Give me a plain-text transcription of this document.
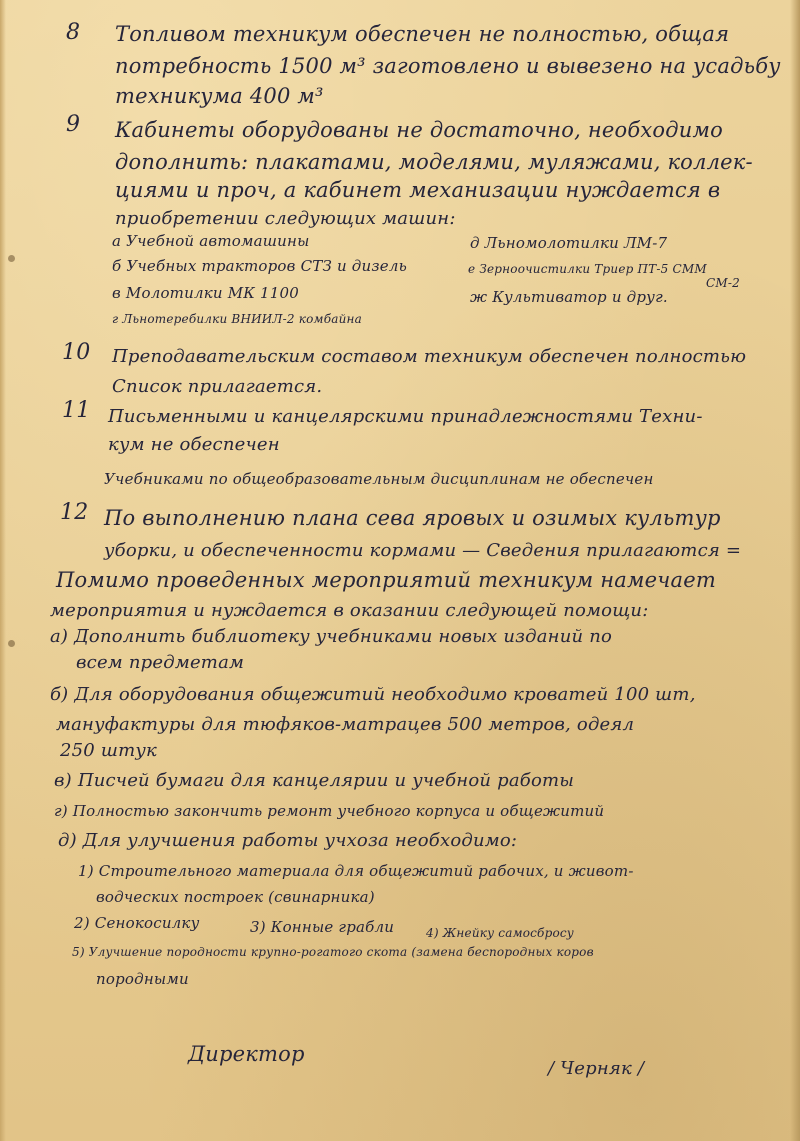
8 Топливом техникум обеспечен не полностью, общая
потребность 1500 м³ заготовлено и вывезено на усадьбу
техникума 400 м³
9 Кабинеты оборудованы не достаточно, необходимо
дополнить: плакатами, моделями, муляжами, коллек-
циями и проч, а кабинет механизации нуждается в
приобретении следующих машин:
а Учебной автомашины
б Учебных тракторов СТЗ и дизель
в Молотилки МК 1100
г Льнотеребилки ВНИИЛ-2 комбайна
д Льномолотилки ЛМ-7
е Зерноочистилки Триер ПТ-5 СММ
СМ-2
ж Культиватор и друг.
10 Преподавательским составом техникум обеспечен полностью
Список прилагается.
11 Письменными и канцелярскими принадлежностями Техни-
кум не обеспечен
Учебниками по общеобразовательным дисциплинам не обеспечен
12 По выполнению плана сева яровых и озимых культур
уборки, и обеспеченности кормами — Сведения прилагаются =
Помимо проведенных мероприятий техникум намечает
мероприятия и нуждается в оказании следующей помощи:
а) Дополнить библиотеку учебниками новых изданий по
всем предметам
б) Для оборудования общежитий необходимо кроватей 100 шт,
мануфактуры для тюфяков-матрацев 500 метров, одеял
250 штук
в) Писчей бумаги для канцелярии и учебной работы
г) Полностью закончить ремонт учебного корпуса и общежитий
д) Для улучшения работы учхоза необходимо:
1) Строительного материала для общежитий рабочих, и живот-
водческих построек (свинарника)
2) Сенокосилку	3) Конные грабли	4) Жнейку самосбросу
5) Улучшение породности крупно-рогатого скота (замена беспородных коров
породными
Директор
/ Черняк /
